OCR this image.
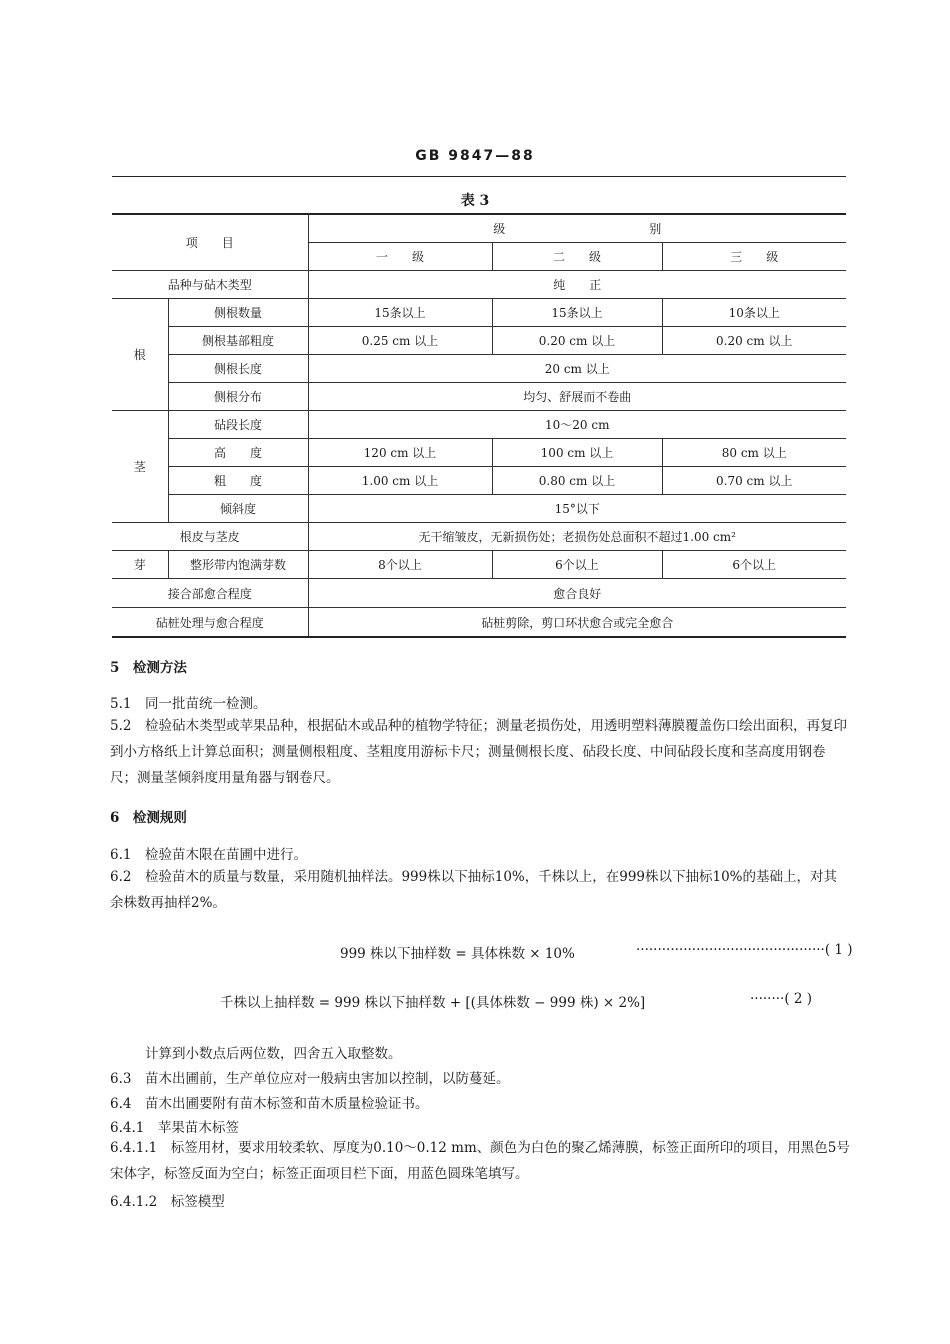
GB 9847—88
表 3
项　　目		级　　　　　　　　　　　　别		
		一　　级	二　　级	三　　级
品种与砧木类型		纯　　正		
根	侧根数量	15条以上	15条以上	10条以上
	侧根基部粗度	0.25 cm 以上	0.20 cm 以上	0.20 cm 以上
	侧根长度	20 cm 以上		
	侧根分布	均匀、舒展而不卷曲		
茎	砧段长度	10～20 cm		
	高　　度	120 cm 以上	100 cm 以上	80 cm 以上
	粗　　度	1.00 cm 以上	0.80 cm 以上	0.70 cm 以上
	倾斜度	15°以下		
根皮与茎皮		无干缩皱皮，无新损伤处；老损伤处总面积不超过1.00 cm²		
芽	整形带内饱满芽数	8个以上	6个以上	6个以上
接合部愈合程度		愈合良好		
砧桩处理与愈合程度		砧桩剪除，剪口环状愈合或完全愈合		
5　检测方法
5.1　同一批苗统一检测。
5.2　检验砧木类型或苹果品种，根据砧木或品种的植物学特征；测量老损伤处，用透明塑料薄膜覆盖伤口绘出面积，再复印到小方格纸上计算总面积；测量侧根粗度、茎粗度用游标卡尺；测量侧根长度、砧段长度、中间砧段长度和茎高度用钢卷尺；测量茎倾斜度用量角器与钢卷尺。
6　检测规则
6.1　检验苗木限在苗圃中进行。
6.2　检验苗木的质量与数量，采用随机抽样法。999株以下抽标10%，千株以上，在999株以下抽标10%的基础上，对其余株数再抽样2%。
999 株以下抽样数 = 具体株数 × 10%	············································( 1 )
千株以上抽样数 = 999 株以下抽样数 + [(具体株数 − 999 株) × 2%]	········( 2 )
计算到小数点后两位数，四舍五入取整数。
6.3　苗木出圃前，生产单位应对一般病虫害加以控制，以防蔓延。
6.4　苗木出圃要附有苗木标签和苗木质量检验证书。
6.4.1　苹果苗木标签
6.4.1.1　标签用材，要求用较柔软、厚度为0.10～0.12 mm、颜色为白色的聚乙烯薄膜，标签正面所印的项目，用黑色5号宋体字，标签反面为空白；标签正面项目栏下面，用蓝色圆珠笔填写。
6.4.1.2　标签模型
